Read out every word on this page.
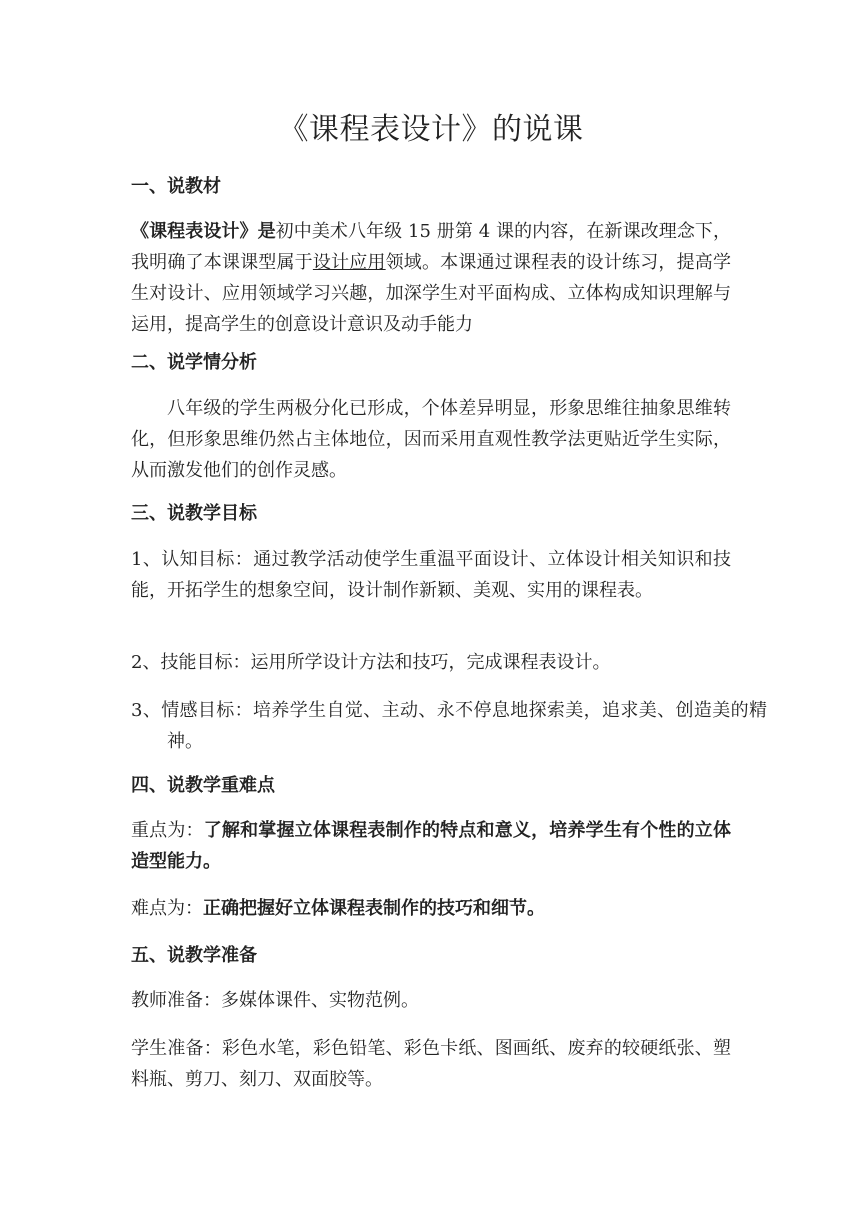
《课程表设计》的说课
一、说教材

《课程表设计》是初中美术八年级 15 册第 4 课的内容，在新课改理念下，我明确了本课课型属于设计应用领域。本课通过课程表的设计练习，提高学生对设计、应用领域学习兴趣，加深学生对平面构成、立体构成知识理解与运用，提高学生的创意设计意识及动手能力

二、说学情分析

八年级的学生两极分化已形成，个体差异明显，形象思维往抽象思维转化，但形象思维仍然占主体地位，因而采用直观性教学法更贴近学生实际，从而激发他们的创作灵感。

三、说教学目标

1、认知目标：通过教学活动使学生重温平面设计、立体设计相关知识和技能，开拓学生的想象空间，设计制作新颖、美观、实用的课程表。

2、技能目标：运用所学设计方法和技巧，完成课程表设计。

3、情感目标：培养学生自觉、主动、永不停息地探索美，追求美、创造美的精神。

四、说教学重难点

重点为：了解和掌握立体课程表制作的特点和意义，培养学生有个性的立体造型能力。

难点为：正确把握好立体课程表制作的技巧和细节。

五、说教学准备

教师准备：多媒体课件、实物范例。

学生准备：彩色水笔，彩色铅笔、彩色卡纸、图画纸、废弃的较硬纸张、塑料瓶、剪刀、刻刀、双面胶等。
